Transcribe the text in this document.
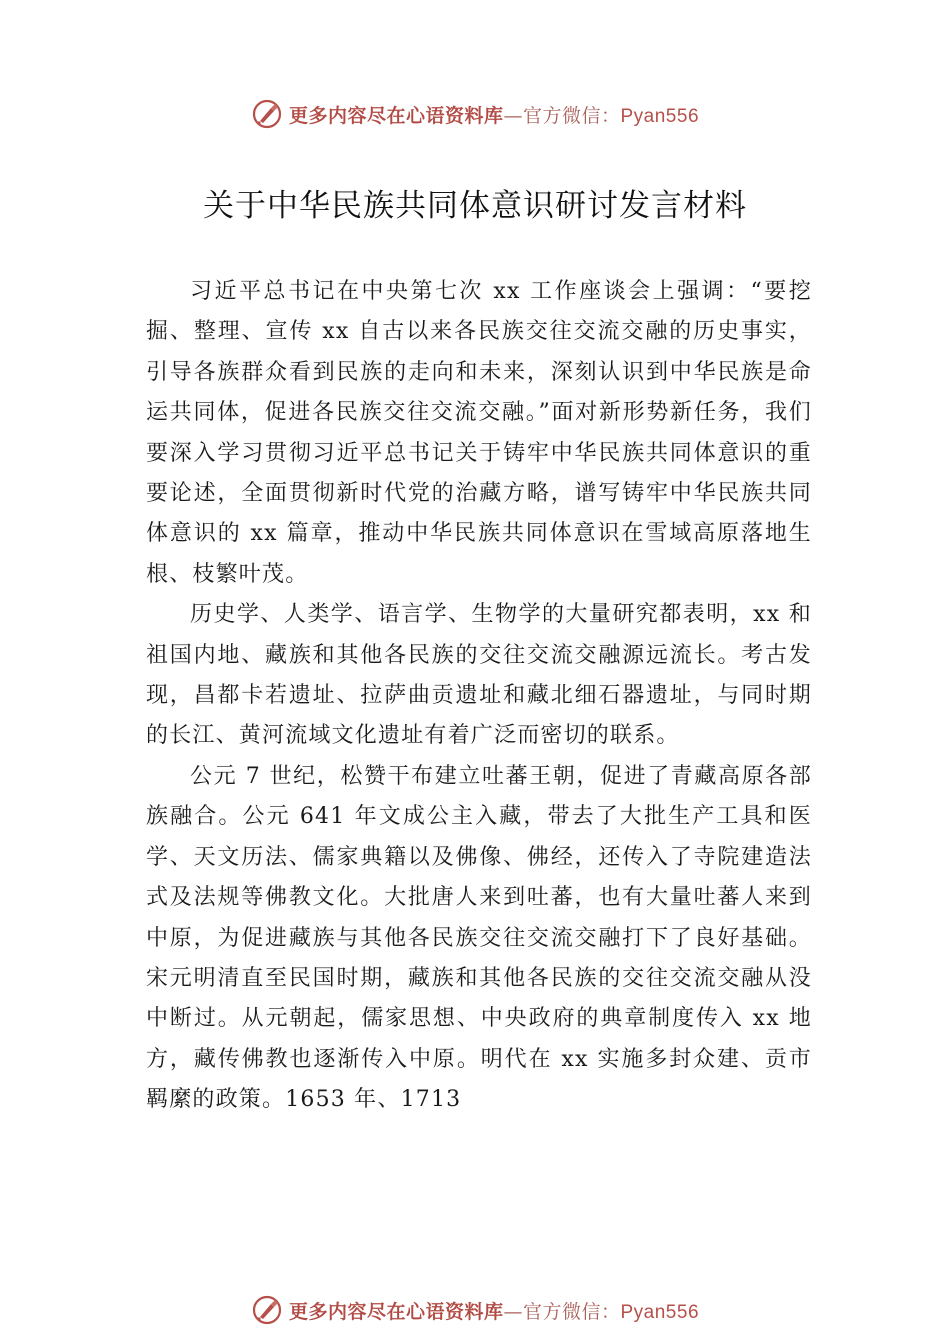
更多内容尽在心语资料库—官方微信：Pyan556
关于中华民族共同体意识研讨发言材料

习近平总书记在中央第七次 xx 工作座谈会上强调：“要挖掘、整理、宣传 xx 自古以来各民族交往交流交融的历史事实，引导各族群众看到民族的走向和未来，深刻认识到中华民族是命运共同体，促进各民族交往交流交融。”面对新形势新任务，我们要深入学习贯彻习近平总书记关于铸牢中华民族共同体意识的重要论述，全面贯彻新时代党的治藏方略，谱写铸牢中华民族共同体意识的 xx 篇章，推动中华民族共同体意识在雪域高原落地生根、枝繁叶茂。

历史学、人类学、语言学、生物学的大量研究都表明，xx 和祖国内地、藏族和其他各民族的交往交流交融源远流长。考古发现，昌都卡若遗址、拉萨曲贡遗址和藏北细石器遗址，与同时期的长江、黄河流域文化遗址有着广泛而密切的联系。

公元 7 世纪，松赞干布建立吐蕃王朝，促进了青藏高原各部族融合。公元 641 年文成公主入藏，带去了大批生产工具和医学、天文历法、儒家典籍以及佛像、佛经，还传入了寺院建造法式及法规等佛教文化。大批唐人来到吐蕃，也有大量吐蕃人来到中原，为促进藏族与其他各民族交往交流交融打下了良好基础。宋元明清直至民国时期，藏族和其他各民族的交往交流交融从没中断过。从元朝起，儒家思想、中央政府的典章制度传入 xx 地方，藏传佛教也逐渐传入中原。明代在 xx 实施多封众建、贡市羁縻的政策。1653 年、1713

更多内容尽在心语资料库—官方微信：Pyan556
